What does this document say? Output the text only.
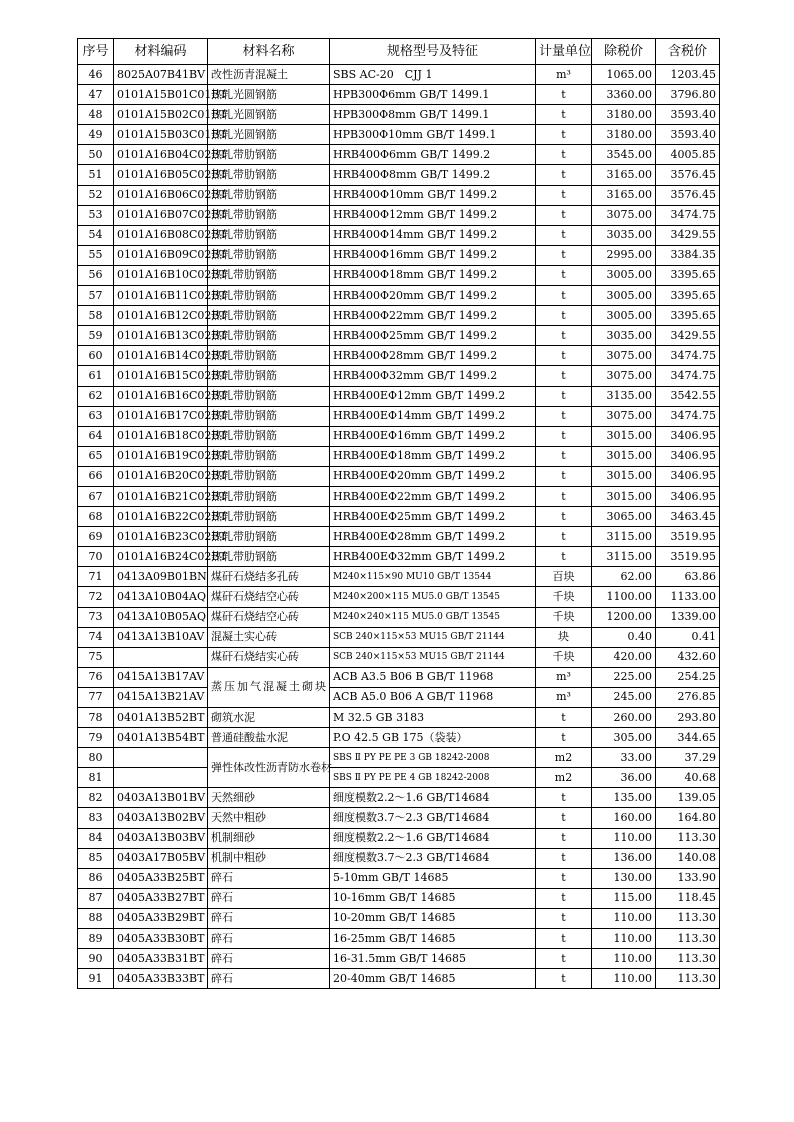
序号	材料编码	材料名称	规格型号及特征	计量单位	除税价	含税价
46	8025A07B41BV	改性沥青混凝土	SBS AC-20　CJJ 1	m³	1065.00	1203.45
47	0101A15B01C01BT	热轧光圆钢筋	HPB300Φ6mm GB/T 1499.1	t	3360.00	3796.80
48	0101A15B02C01BT	热轧光圆钢筋	HPB300Φ8mm GB/T 1499.1	t	3180.00	3593.40
49	0101A15B03C01BT	热轧光圆钢筋	HPB300Φ10mm GB/T 1499.1	t	3180.00	3593.40
50	0101A16B04C02BT	热轧带肋钢筋	HRB400Φ6mm GB/T 1499.2	t	3545.00	4005.85
51	0101A16B05C02BT	热轧带肋钢筋	HRB400Φ8mm GB/T 1499.2	t	3165.00	3576.45
52	0101A16B06C02BT	热轧带肋钢筋	HRB400Φ10mm GB/T 1499.2	t	3165.00	3576.45
53	0101A16B07C02BT	热轧带肋钢筋	HRB400Φ12mm GB/T 1499.2	t	3075.00	3474.75
54	0101A16B08C02BT	热轧带肋钢筋	HRB400Φ14mm GB/T 1499.2	t	3035.00	3429.55
55	0101A16B09C02BT	热轧带肋钢筋	HRB400Φ16mm GB/T 1499.2	t	2995.00	3384.35
56	0101A16B10C02BT	热轧带肋钢筋	HRB400Φ18mm GB/T 1499.2	t	3005.00	3395.65
57	0101A16B11C02BT	热轧带肋钢筋	HRB400Φ20mm GB/T 1499.2	t	3005.00	3395.65
58	0101A16B12C02BT	热轧带肋钢筋	HRB400Φ22mm GB/T 1499.2	t	3005.00	3395.65
59	0101A16B13C02BT	热轧带肋钢筋	HRB400Φ25mm GB/T 1499.2	t	3035.00	3429.55
60	0101A16B14C02BT	热轧带肋钢筋	HRB400Φ28mm GB/T 1499.2	t	3075.00	3474.75
61	0101A16B15C02BT	热轧带肋钢筋	HRB400Φ32mm GB/T 1499.2	t	3075.00	3474.75
62	0101A16B16C02BT	热轧带肋钢筋	HRB400EΦ12mm GB/T 1499.2	t	3135.00	3542.55
63	0101A16B17C02BT	热轧带肋钢筋	HRB400EΦ14mm GB/T 1499.2	t	3075.00	3474.75
64	0101A16B18C02BT	热轧带肋钢筋	HRB400EΦ16mm GB/T 1499.2	t	3015.00	3406.95
65	0101A16B19C02BT	热轧带肋钢筋	HRB400EΦ18mm GB/T 1499.2	t	3015.00	3406.95
66	0101A16B20C02BT	热轧带肋钢筋	HRB400EΦ20mm GB/T 1499.2	t	3015.00	3406.95
67	0101A16B21C02BT	热轧带肋钢筋	HRB400EΦ22mm GB/T 1499.2	t	3015.00	3406.95
68	0101A16B22C02BT	热轧带肋钢筋	HRB400EΦ25mm GB/T 1499.2	t	3065.00	3463.45
69	0101A16B23C02BT	热轧带肋钢筋	HRB400EΦ28mm GB/T 1499.2	t	3115.00	3519.95
70	0101A16B24C02BT	热轧带肋钢筋	HRB400EΦ32mm GB/T 1499.2	t	3115.00	3519.95
71	0413A09B01BN	煤矸石烧结多孔砖	M240×115×90 MU10 GB/T 13544	百块	62.00	63.86
72	0413A10B04AQ	煤矸石烧结空心砖	M240×200×115 MU5.0 GB/T 13545	千块	1100.00	1133.00
73	0413A10B05AQ	煤矸石烧结空心砖	M240×240×115 MU5.0 GB/T 13545	千块	1200.00	1339.00
74	0413A13B10AV	混凝土实心砖	SCB 240×115×53 MU15 GB/T 21144	块	0.40	0.41
75		煤矸石烧结实心砖	SCB 240×115×53 MU15 GB/T 21144	千块	420.00	432.60
76	0415A13B17AV	蒸压加气混凝土砌块	ACB A3.5 B06 B GB/T 11968	m³	225.00	254.25
77	0415A13B21AV		ACB A5.0 B06 A GB/T 11968	m³	245.00	276.85
78	0401A13B52BT	砌筑水泥	M 32.5 GB 3183	t	260.00	293.80
79	0401A13B54BT	普通硅酸盐水泥	P.O 42.5 GB 175（袋装）	t	305.00	344.65
80		弹性体改性沥青防水卷材	SBS Ⅱ PY PE PE 3 GB 18242-2008	m2	33.00	37.29
81			SBS Ⅱ PY PE PE 4 GB 18242-2008	m2	36.00	40.68
82	0403A13B01BV	天然细砂	细度模数2.2～1.6 GB/T14684	t	135.00	139.05
83	0403A13B02BV	天然中粗砂	细度模数3.7～2.3 GB/T14684	t	160.00	164.80
84	0403A13B03BV	机制细砂	细度模数2.2～1.6 GB/T14684	t	110.00	113.30
85	0403A17B05BV	机制中粗砂	细度模数3.7～2.3 GB/T14684	t	136.00	140.08
86	0405A33B25BT	碎石	5-10mm GB/T 14685	t	130.00	133.90
87	0405A33B27BT	碎石	10-16mm GB/T 14685	t	115.00	118.45
88	0405A33B29BT	碎石	10-20mm GB/T 14685	t	110.00	113.30
89	0405A33B30BT	碎石	16-25mm GB/T 14685	t	110.00	113.30
90	0405A33B31BT	碎石	16-31.5mm GB/T 14685	t	110.00	113.30
91	0405A33B33BT	碎石	20-40mm GB/T 14685	t	110.00	113.30
